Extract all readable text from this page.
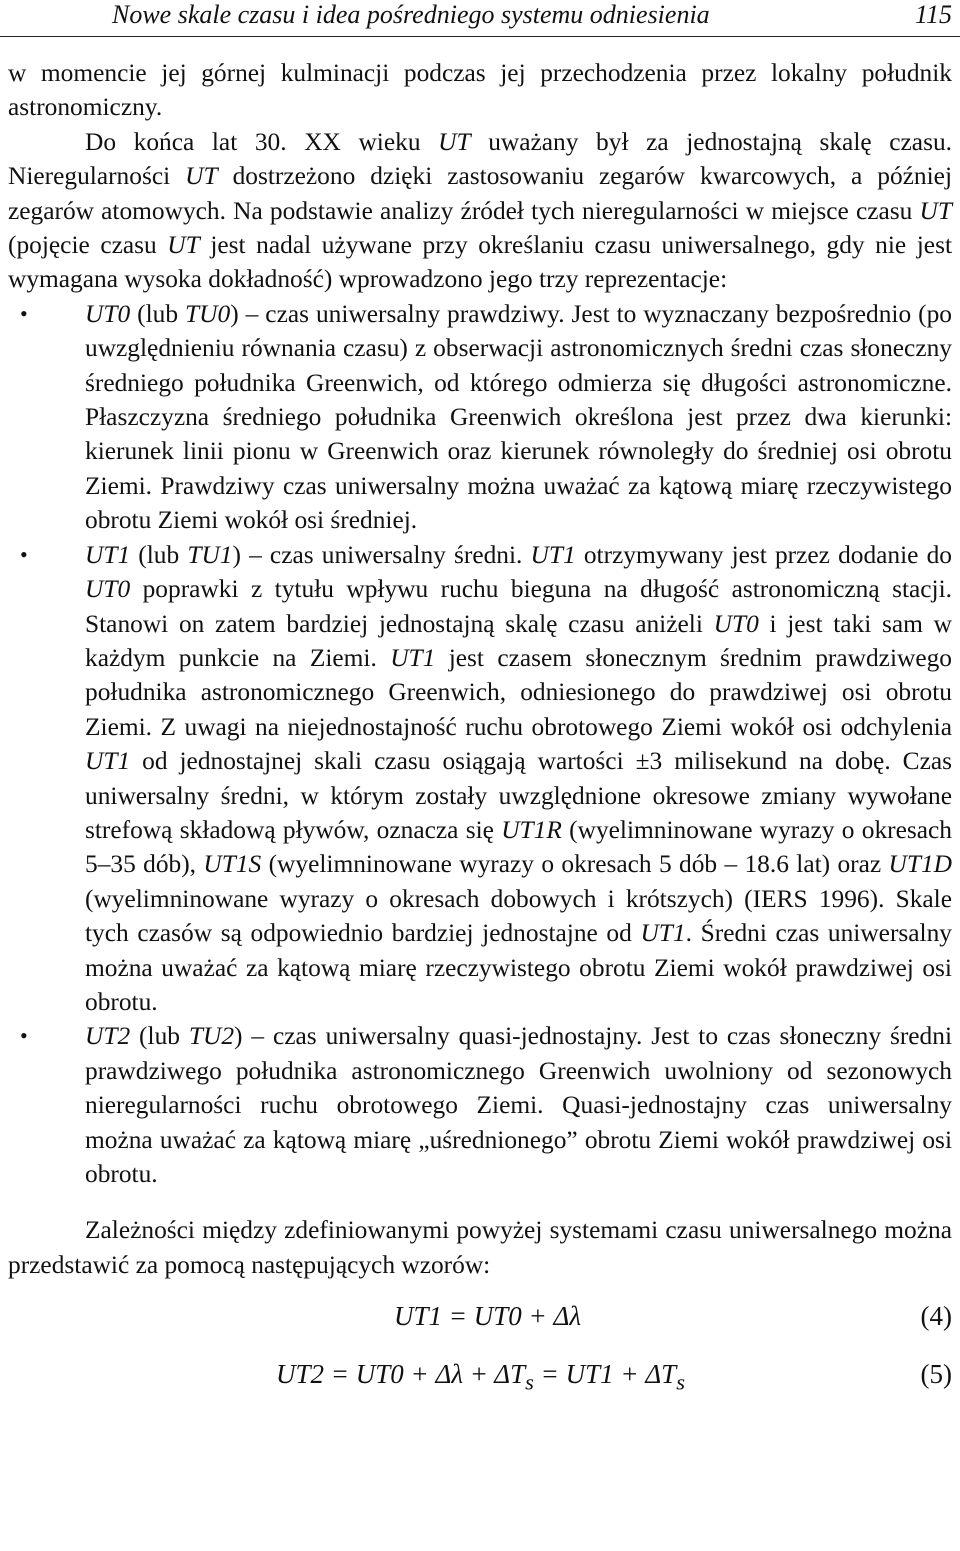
Nowe skale czasu i idea pośredniego systemu odniesienia	115

w momencie jej górnej kulminacji podczas jej przechodzenia przez lokalny południk astronomiczny.

Do końca lat 30. XX wieku UT uważany był za jednostajną skalę czasu. Nieregularności UT dostrzeżono dzięki zastosowaniu zegarów kwarcowych, a później zegarów atomowych. Na podstawie analizy źródeł tych nieregularności w miejsce czasu UT (pojęcie czasu UT jest nadal używane przy określaniu czasu uniwersalnego, gdy nie jest wymagana wysoka dokładność) wprowadzono jego trzy reprezentacje:

• UT0 (lub TU0) – czas uniwersalny prawdziwy. Jest to wyznaczany bezpośrednio (po uwzględnieniu równania czasu) z obserwacji astronomicznych średni czas słoneczny średniego południka Greenwich, od którego odmierza się długości astronomiczne. Płaszczyzna średniego południka Greenwich określona jest przez dwa kierunki: kierunek linii pionu w Greenwich oraz kierunek równoległy do średniej osi obrotu Ziemi. Prawdziwy czas uniwersalny można uważać za kątową miarę rzeczywistego obrotu Ziemi wokół osi średniej.
• UT1 (lub TU1) – czas uniwersalny średni. UT1 otrzymywany jest przez dodanie do UT0 poprawki z tytułu wpływu ruchu bieguna na długość astronomiczną stacji. Stanowi on zatem bardziej jednostajną skalę czasu aniżeli UT0 i jest taki sam w każdym punkcie na Ziemi. UT1 jest czasem słonecznym średnim prawdziwego południka astronomicznego Greenwich, odniesionego do prawdziwej osi obrotu Ziemi. Z uwagi na niejednostajność ruchu obrotowego Ziemi wokół osi odchylenia UT1 od jednostajnej skali czasu osiągają wartości ±3 milisekund na dobę. Czas uniwersalny średni, w którym zostały uwzględnione okresowe zmiany wywołane strefową składową pływów, oznacza się UT1R (wyelimninowane wyrazy o okresach 5–35 dób), UT1S (wyelimninowane wyrazy o okresach 5 dób – 18.6 lat) oraz UT1D (wyelimninowane wyrazy o okresach dobowych i krótszych) (IERS 1996). Skale tych czasów są odpowiednio bardziej jednostajne od UT1. Średni czas uniwersalny można uważać za kątową miarę rzeczywistego obrotu Ziemi wokół prawdziwej osi obrotu.
• UT2 (lub TU2) – czas uniwersalny quasi-jednostajny. Jest to czas słoneczny średni prawdziwego południka astronomicznego Greenwich uwolniony od sezonowych nieregularności ruchu obrotowego Ziemi. Quasi-jednostajny czas uniwersalny można uważać za kątową miarę „uśrednionego” obrotu Ziemi wokół prawdziwej osi obrotu.

Zależności między zdefiniowanymi powyżej systemami czasu uniwersalnego można przedstawić za pomocą następujących wzorów:

UT1 = UT0 + Δλ	(4)
$UT2 = UT0 + \Delta\lambda + \Delta T_s = UT1 + \Delta T_s$	(5)
